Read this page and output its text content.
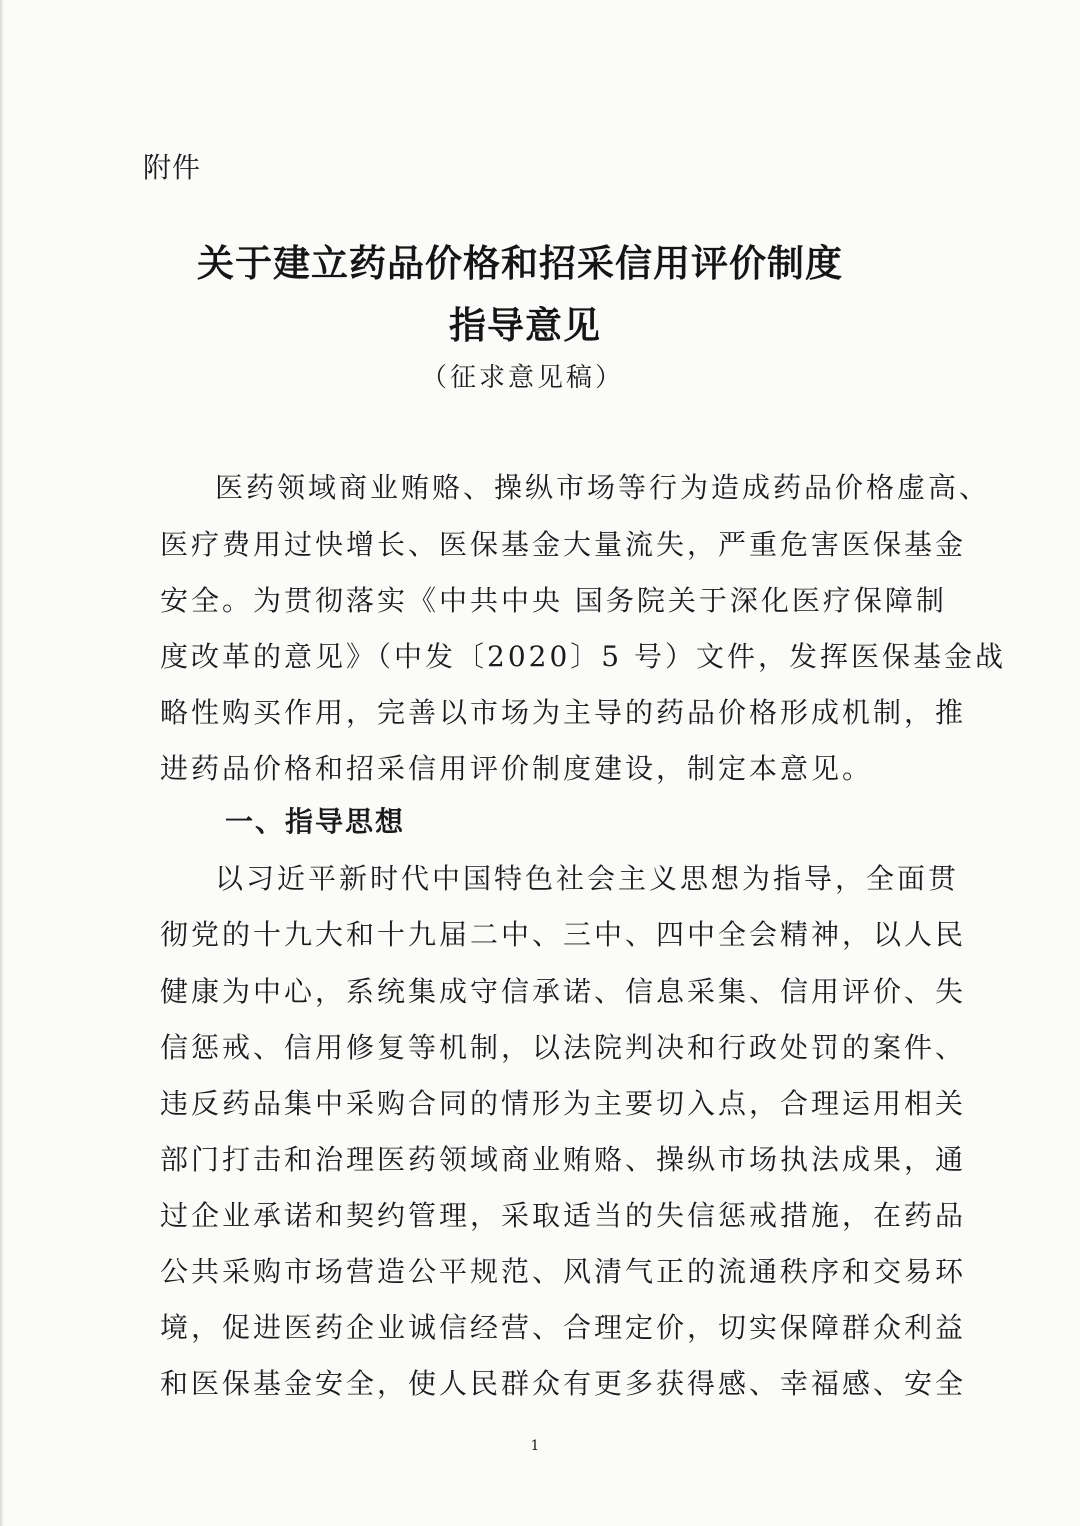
附件
关于建立药品价格和招采信用评价制度
指导意见
（征求意见稿）
医药领域商业贿赂、操纵市场等行为造成药品价格虚高、
医疗费用过快增长、医保基金大量流失，严重危害医保基金
安全。为贯彻落实《中共中央 国务院关于深化医疗保障制
度改革的意见》（中发〔2020〕5 号）文件，发挥医保基金战
略性购买作用，完善以市场为主导的药品价格形成机制，推
进药品价格和招采信用评价制度建设，制定本意见。
一、指导思想
以习近平新时代中国特色社会主义思想为指导，全面贯
彻党的十九大和十九届二中、三中、四中全会精神，以人民
健康为中心，系统集成守信承诺、信息采集、信用评价、失
信惩戒、信用修复等机制，以法院判决和行政处罚的案件、
违反药品集中采购合同的情形为主要切入点，合理运用相关
部门打击和治理医药领域商业贿赂、操纵市场执法成果，通
过企业承诺和契约管理，采取适当的失信惩戒措施，在药品
公共采购市场营造公平规范、风清气正的流通秩序和交易环
境，促进医药企业诚信经营、合理定价，切实保障群众利益
和医保基金安全，使人民群众有更多获得感、幸福感、安全
1
